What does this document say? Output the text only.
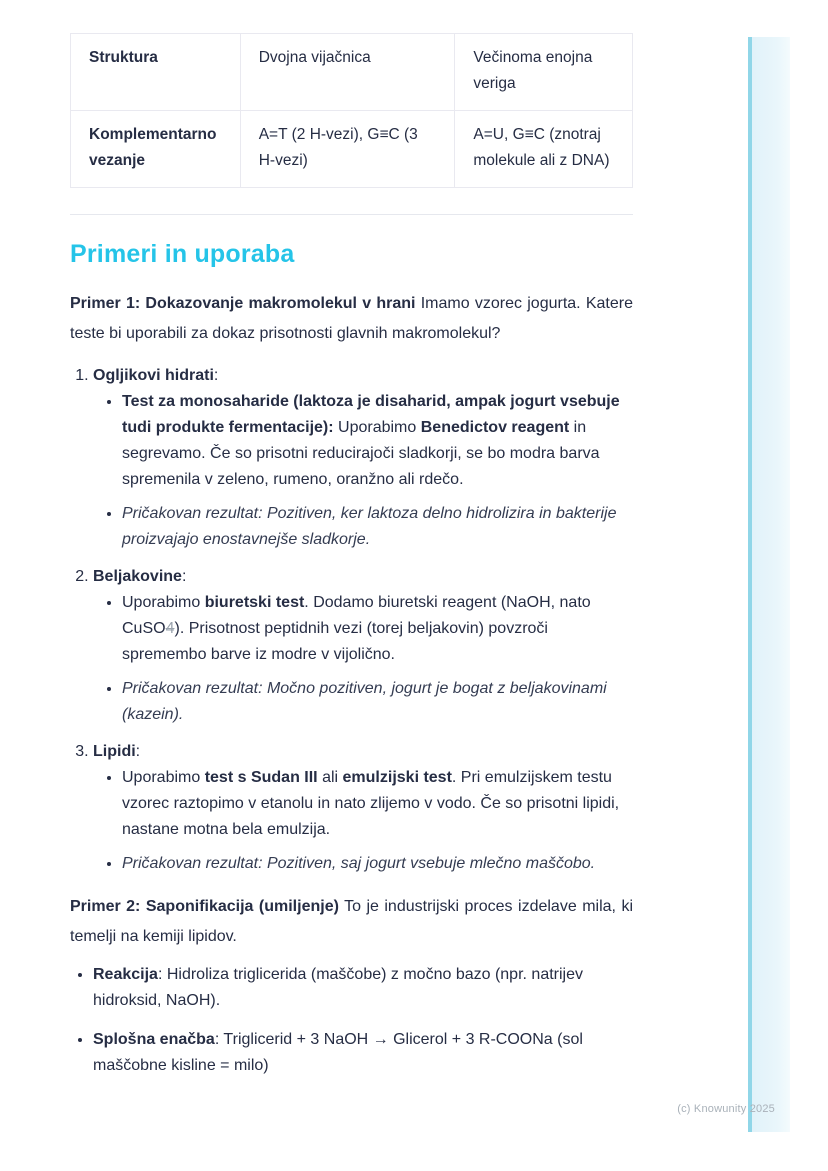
Struktura	Dvojna vijačnica	Večinoma enojna veriga
Komplementarno vezanje	A=T (2 H-vezi), G≡C (3 H-vezi)	A=U, G≡C (znotraj molekule ali z DNA)
Primeri in uporaba

Primer 1: Dokazovanje makromolekul v hrani Imamo vzorec jogurta. Katere teste bi uporabili za dokaz prisotnosti glavnih makromolekul?

1. Ogljikovi hidrati:
• Test za monosaharide (laktoza je disaharid, ampak jogurt vsebuje tudi produkte fermentacije): Uporabimo Benedictov reagent in segrevamo. Če so prisotni reducirajoči sladkorji, se bo modra barva spremenila v zeleno, rumeno, oranžno ali rdečo.
• Pričakovan rezultat: Pozitiven, ker laktoza delno hidrolizira in bakterije proizvajajo enostavnejše sladkorje.
2. Beljakovine:
• Uporabimo biuretski test. Dodamo biuretski reagent (NaOH, nato CuSO4). Prisotnost peptidnih vezi (torej beljakovin) povzroči spremembo barve iz modre v vijolično.
• Pričakovan rezultat: Močno pozitiven, jogurt je bogat z beljakovinami (kazein).
3. Lipidi:
• Uporabimo test s Sudan III ali emulzijski test. Pri emulzijskem testu vzorec raztopimo v etanolu in nato zlijemo v vodo. Če so prisotni lipidi, nastane motna bela emulzija.
• Pričakovan rezultat: Pozitiven, saj jogurt vsebuje mlečno maščobo.

Primer 2: Saponifikacija (umiljenje) To je industrijski proces izdelave mila, ki temelji na kemiji lipidov.

• Reakcija: Hidroliza triglicerida (maščobe) z močno bazo (npr. natrijev hidroksid, NaOH).
• Splošna enačba: Triglicerid + 3 NaOH → Glicerol + 3 R-COONa (sol maščobne kisline = milo)
(c) Knowunity 2025
